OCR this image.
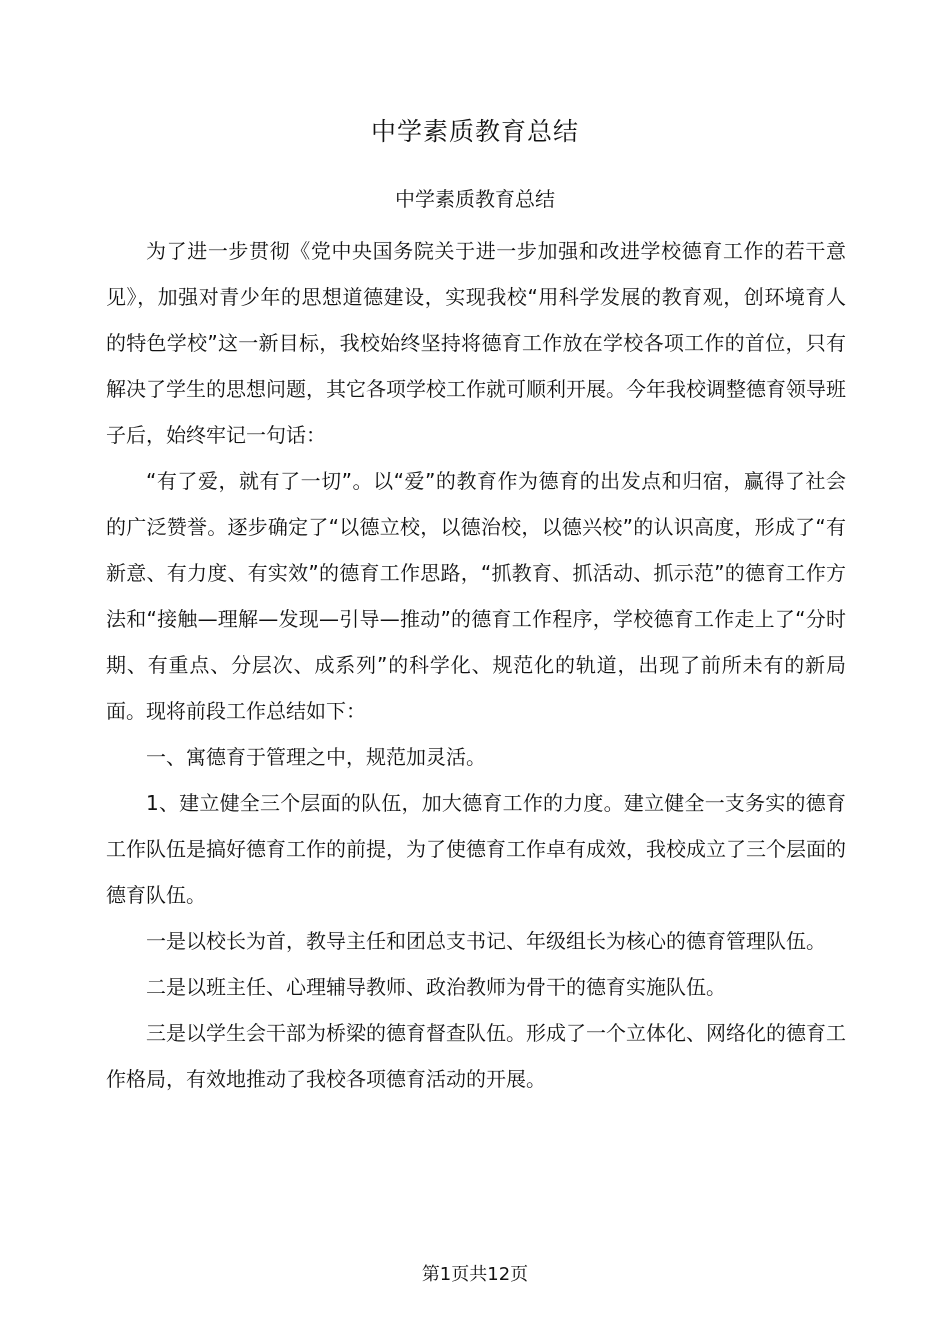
中学素质教育总结
中学素质教育总结

为了进一步贯彻《党中央国务院关于进一步加强和改进学校德育工作的若干意见》，加强对青少年的思想道德建设，实现我校“用科学发展的教育观，创环境育人的特色学校”这一新目标，我校始终坚持将德育工作放在学校各项工作的首位，只有解决了学生的思想问题，其它各项学校工作就可顺利开展。今年我校调整德育领导班子后，始终牢记一句话：

“有了爱，就有了一切”。以“爱”的教育作为德育的出发点和归宿，赢得了社会的广泛赞誉。逐步确定了“以德立校，以德治校，以德兴校”的认识高度，形成了“有新意、有力度、有实效”的德育工作思路，“抓教育、抓活动、抓示范”的德育工作方法和“接触—理解—发现—引导—推动”的德育工作程序，学校德育工作走上了“分时期、有重点、分层次、成系列”的科学化、规范化的轨道，出现了前所未有的新局面。现将前段工作总结如下：

一、寓德育于管理之中，规范加灵活。

1、建立健全三个层面的队伍，加大德育工作的力度。建立健全一支务实的德育工作队伍是搞好德育工作的前提，为了使德育工作卓有成效，我校成立了三个层面的德育队伍。

一是以校长为首，教导主任和团总支书记、年级组长为核心的德育管理队伍。

二是以班主任、心理辅导教师、政治教师为骨干的德育实施队伍。

三是以学生会干部为桥梁的德育督查队伍。形成了一个立体化、网络化的德育工作格局，有效地推动了我校各项德育活动的开展。

第1页共12页
